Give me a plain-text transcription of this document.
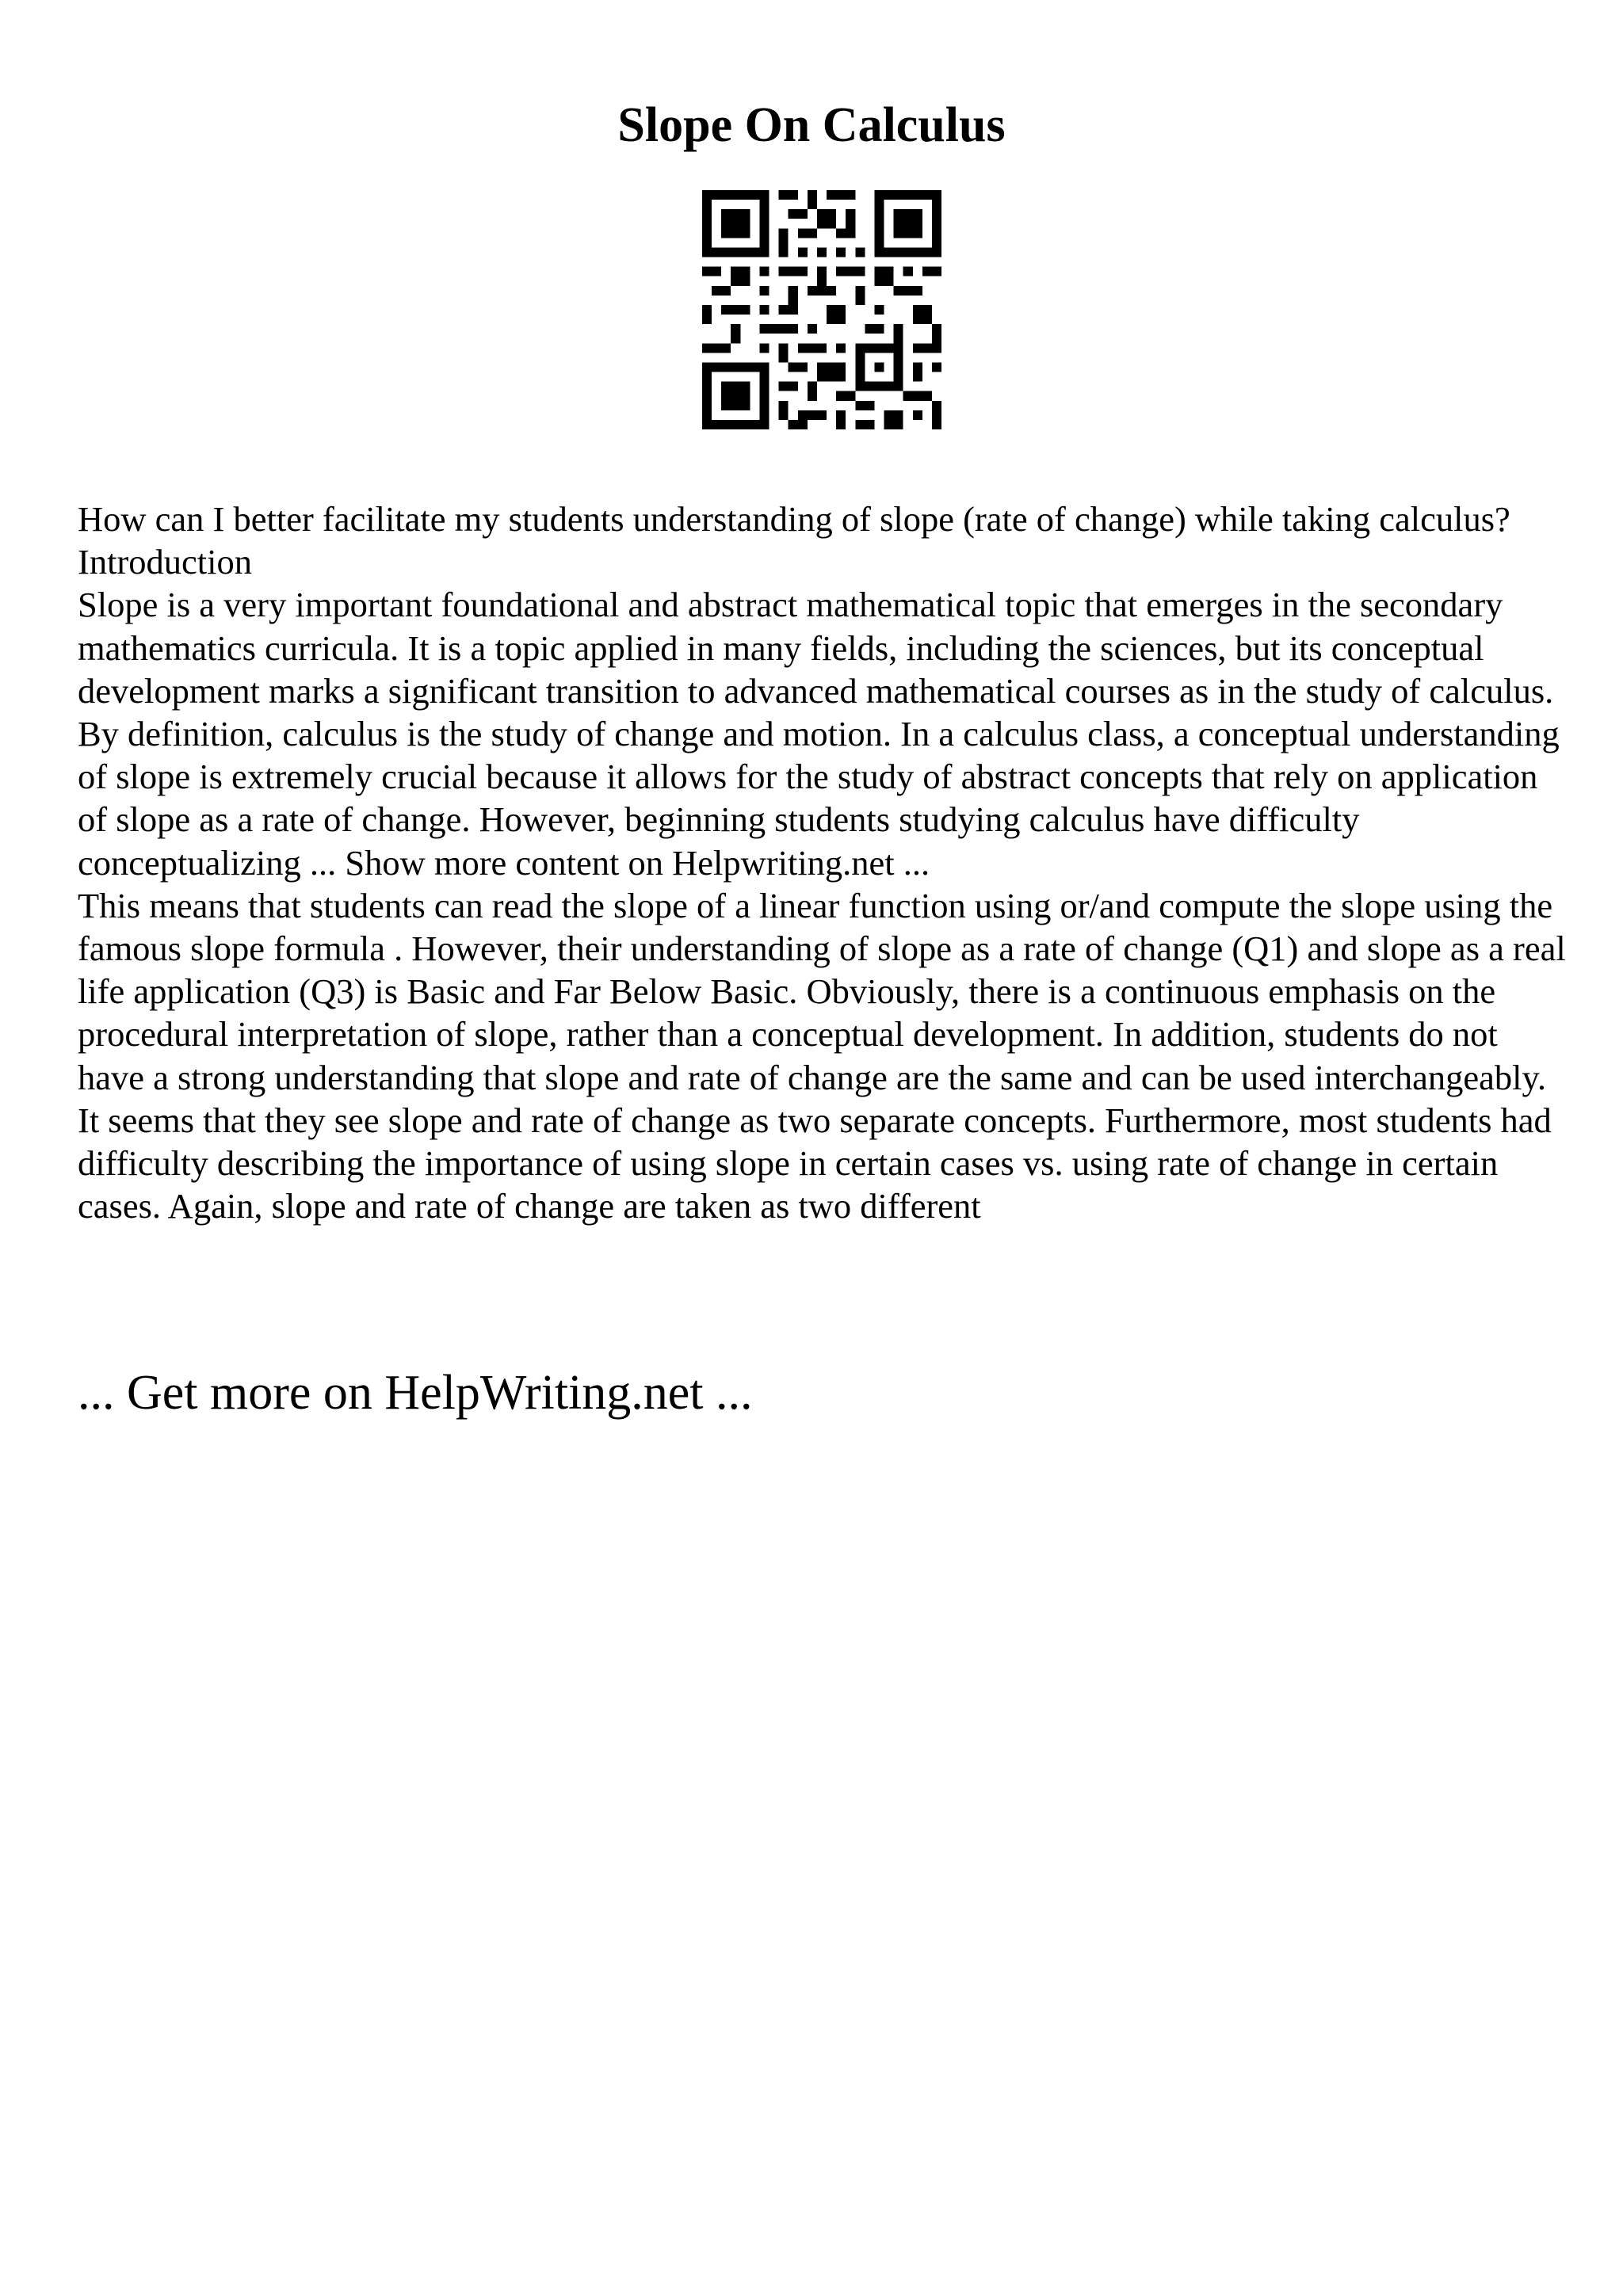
Slope On Calculus

How can I better facilitate my students understanding of slope (rate of change) while taking calculus?

Introduction

Slope is a very important foundational and abstract mathematical topic that emerges in the secondary mathematics curricula. It is a topic applied in many fields, including the sciences, but its conceptual development marks a significant transition to advanced mathematical courses as in the study of calculus. By definition, calculus is the study of change and motion. In a calculus class, a conceptual understanding of slope is extremely crucial because it allows for the study of abstract concepts that rely on application of slope as a rate of change. However, beginning students studying calculus have difficulty conceptualizing ... Show more content on Helpwriting.net ...

This means that students can read the slope of a linear function using or/and compute the slope using the famous slope formula . However, their understanding of slope as a rate of change (Q1) and slope as a real life application (Q3) is Basic and Far Below Basic. Obviously, there is a continuous emphasis on the procedural interpretation of slope, rather than a conceptual development. In addition, students do not have a strong understanding that slope and rate of change are the same and can be used interchangeably. It seems that they see slope and rate of change as two separate concepts. Furthermore, most students had difficulty describing the importance of using slope in certain cases vs. using rate of change in certain cases. Again, slope and rate of change are taken as two different

... Get more on HelpWriting.net ...
